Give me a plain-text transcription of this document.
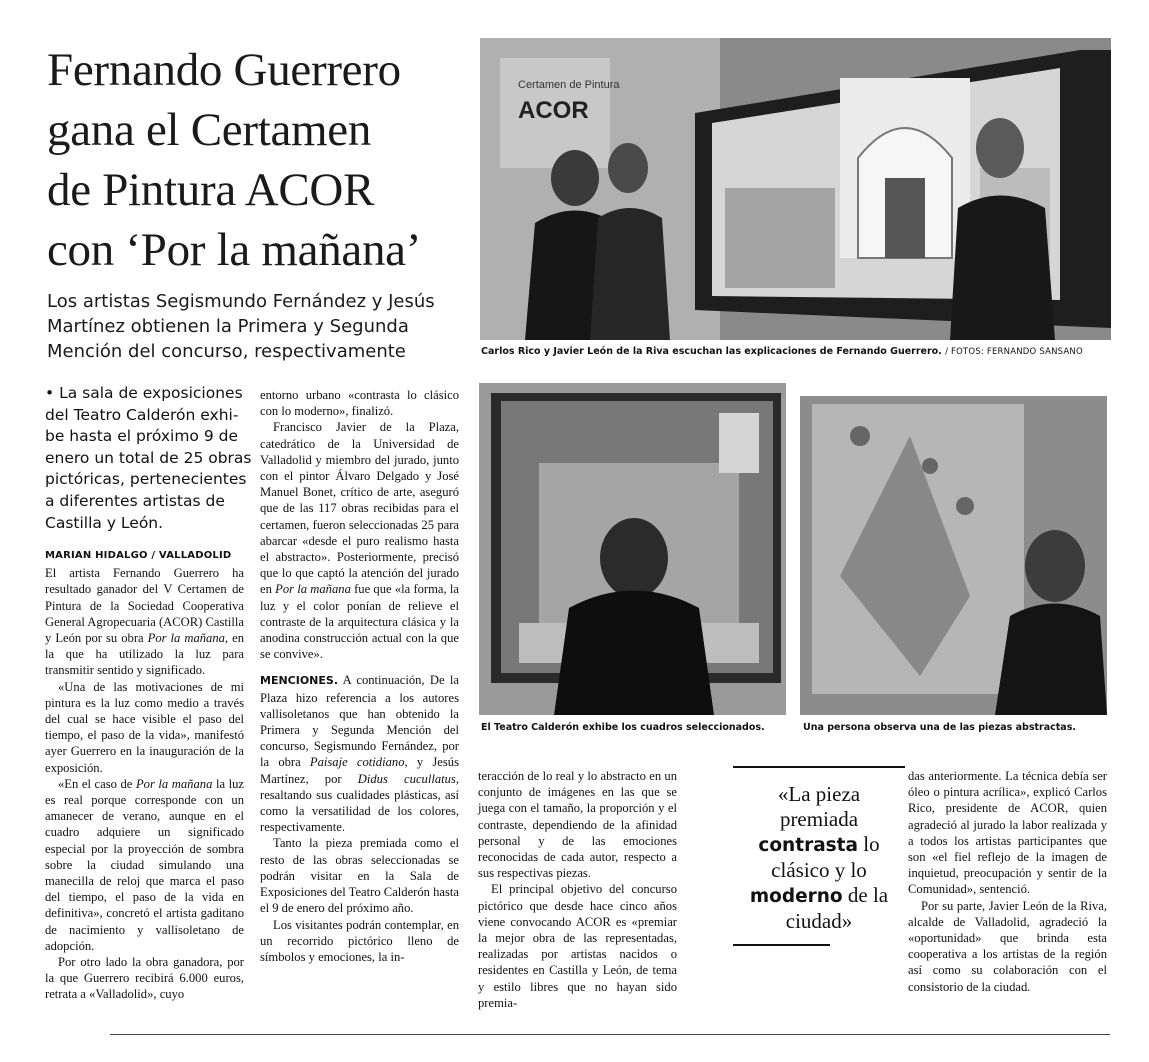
Fernando Guerrero
gana el Certamen
de Pintura ACOR
con ‘Por la mañana’
Los artistas Segismundo Fernández y Jesús
Martínez obtienen la Primera y Segunda
Mención del concurso, respectivamente
Certamen de Pintura
ACOR
Carlos Rico y Javier León de la Riva escuchan las explicaciones de Fernando Guerrero. / FOTOS: FERNANDO SANSANO
El Teatro Calderón exhibe los cuadros seleccionados.	Una persona observa una de las piezas abstractas.
• La sala de exposiciones
del Teatro Calderón exhi-
be hasta el próximo 9 de
enero un total de 25 obras
pictóricas, pertenecientes
a diferentes artistas de
Castilla y León.
MARIAN HIDALGO / VALLADOLID

El artista Fernando Guerrero ha resultado ganador del V Certamen de Pintura de la Sociedad Cooperativa General Agropecuaria (ACOR) Castilla y León por su obra Por la mañana, en la que ha utilizado la luz para transmitir sentido y significado.

«Una de las motivaciones de mi pintura es la luz como medio a través del cual se hace visible el paso del tiempo, el paso de la vida», manifestó ayer Guerrero en la inauguración de la exposición.

«En el caso de Por la mañana la luz es real porque corresponde con un amanecer de verano, aunque en el cuadro adquiere un significado especial por la proyección de sombra sobre la ciudad simulando una manecilla de reloj que marca el paso del tiempo, el paso de la vida en definitiva», concretó el artista gaditano de nacimiento y vallisoletano de adopción.

Por otro lado la obra ganadora, por la que Guerrero recibirá 6.000 euros, retrata a «Valladolid», cuyo

entorno urbano «contrasta lo clásico con lo moderno», finalizó.

Francisco Javier de la Plaza, catedrático de la Universidad de Valladolid y miembro del jurado, junto con el pintor Álvaro Delgado y José Manuel Bonet, crítico de arte, aseguró que de las 117 obras recibidas para el certamen, fueron seleccionadas 25 para abarcar «desde el puro realismo hasta el abstracto». Posteriormente, precisó que lo que captó la atención del jurado en Por la mañana fue que «la forma, la luz y el color ponían de relieve el contraste de la arquitectura clásica y la anodina construcción actual con la que se convive».

MENCIONES. A continuación, De la Plaza hizo referencia a los autores vallisoletanos que han obtenido la Primera y Segunda Mención del concurso, Segismundo Fernández, por la obra Paisaje cotidiano, y Jesús Martínez, por Didus cucullatus, resaltando sus cualidades plásticas, así como la versatilidad de los colores, respectivamente.

Tanto la pieza premiada como el resto de las obras seleccionadas se podrán visitar en la Sala de Exposiciones del Teatro Calderón hasta el 9 de enero del próximo año.

Los visitantes podrán contemplar, en un recorrido pictórico lleno de símbolos y emociones, la in-

teracción de lo real y lo abstracto en un conjunto de imágenes en las que se juega con el tamaño, la proporción y el contraste, dependiendo de la afinidad personal y de las emociones reconocidas de cada autor, respecto a sus respectivas piezas.

El principal objetivo del concurso pictórico que desde hace cinco años viene convocando ACOR es «premiar la mejor obra de las representadas, realizadas por artistas nacidos o residentes en Castilla y León, de tema y estilo libres que no hayan sido premia-

«La pieza
premiada
contrasta lo
clásico y lo
moderno de la
ciudad»

das anteriormente. La técnica debía ser óleo o pintura acrílica», explicó Carlos Rico, presidente de ACOR, quien agradeció al jurado la labor realizada y a todos los artistas participantes que son «el fiel reflejo de la imagen de inquietud, preocupación y sentir de la Comunidad», sentenció.

Por su parte, Javier León de la Riva, alcalde de Valladolid, agradeció la «oportunidad» que brinda esta cooperativa a los artistas de la región así como su colaboración con el consistorio de la ciudad.
